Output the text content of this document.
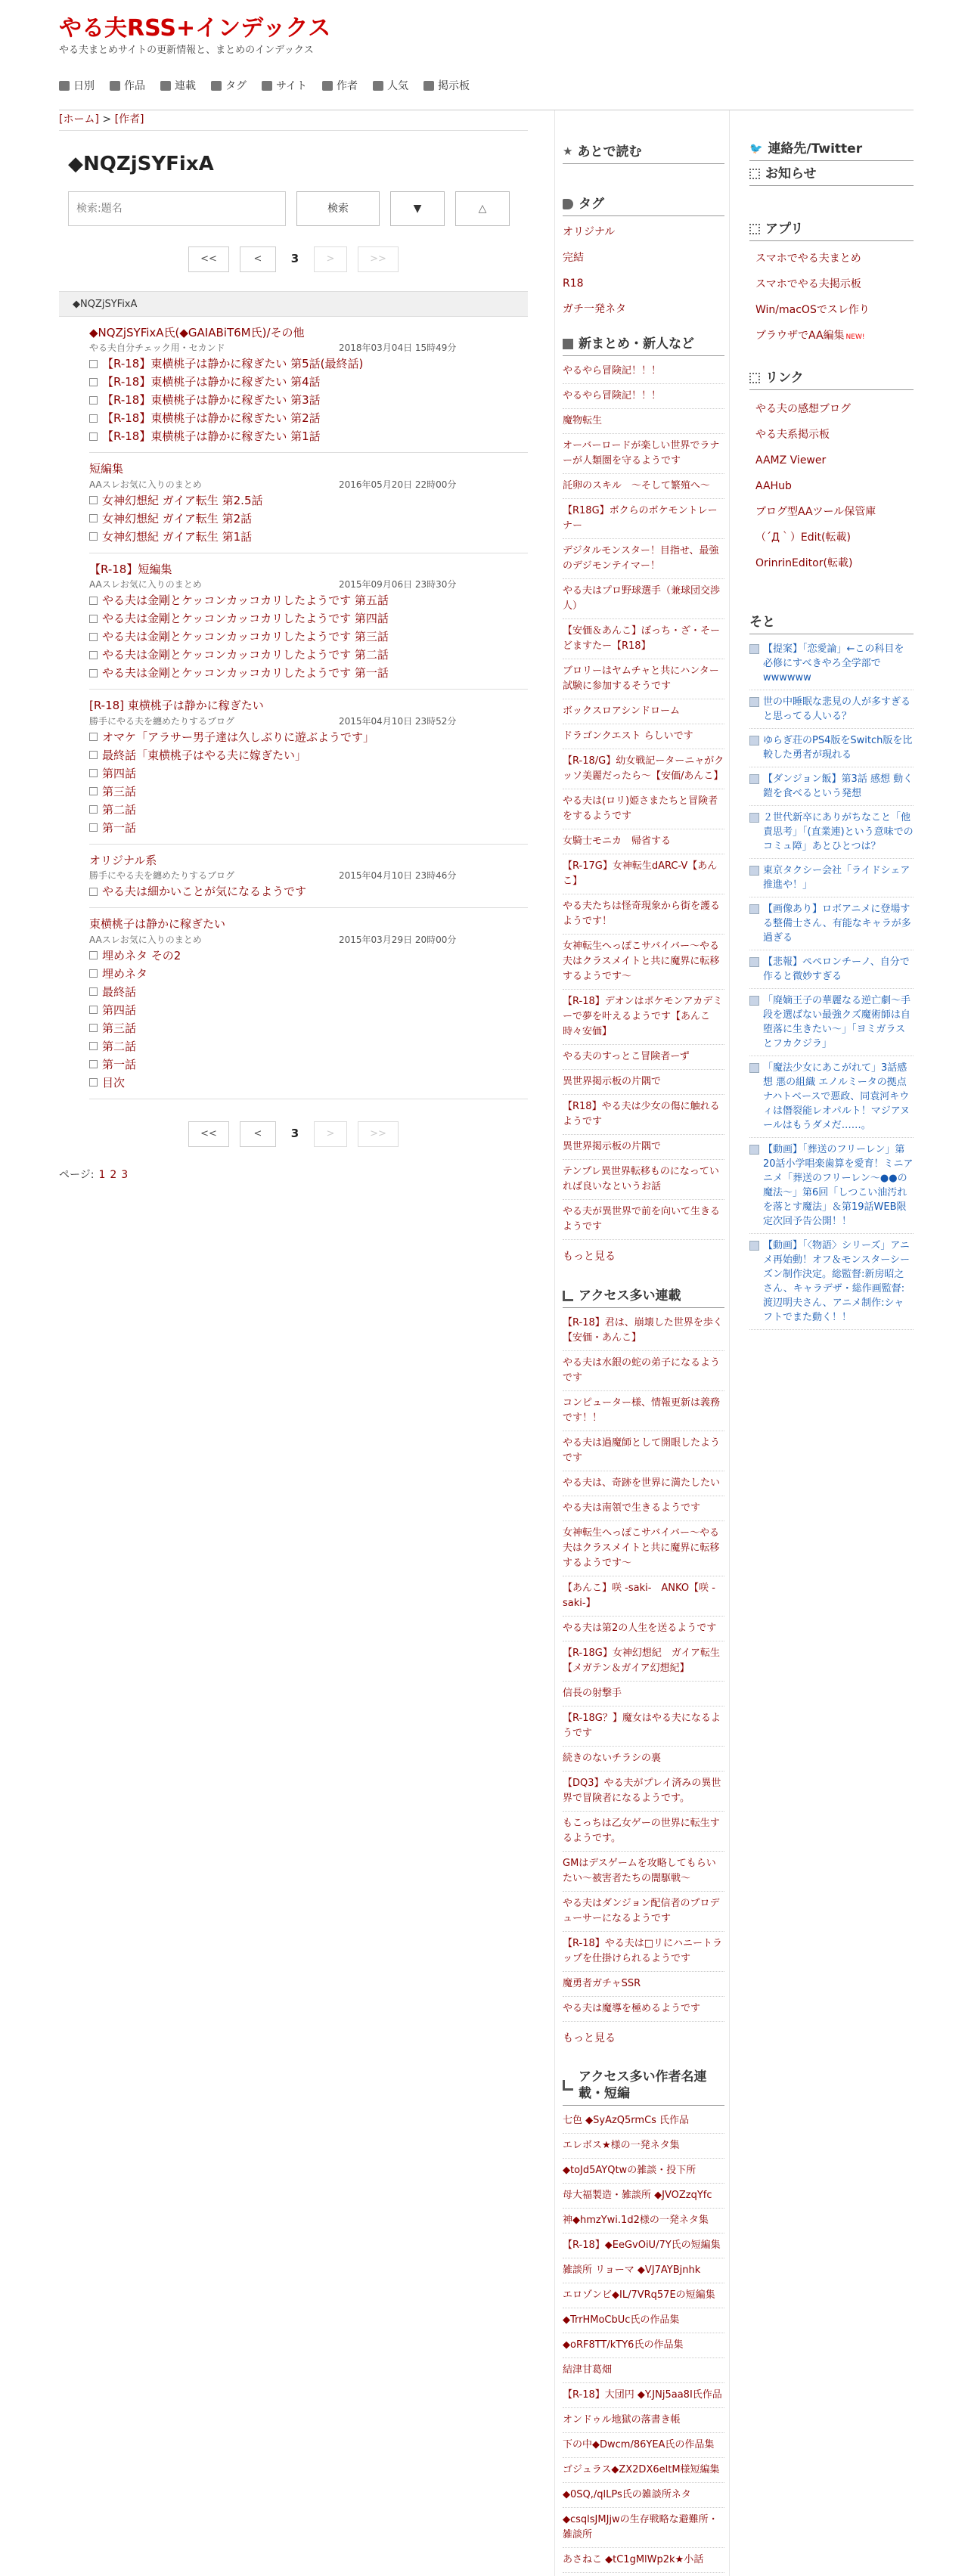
やる夫RSS+インデックス
やる夫まとめサイトの更新情報と、まとめのインデックス
日別	作品	連載	タグ	サイト	作者	人気	掲示板
[ホーム] > [作者]
◆NQZjSYFixA
検索:題名
検索	▼	△
<<	<	3	>	>>
◆NQZjSYFixA
◆NQZjSYFixA氏(◆GAIABiT6M氏)/その他
やる夫自分チェック用・セカンド	2018年03月04日 15時49分
【R-18】東横桃子は静かに稼ぎたい 第5話(最終話)
【R-18】東横桃子は静かに稼ぎたい 第4話
【R-18】東横桃子は静かに稼ぎたい 第3話
【R-18】東横桃子は静かに稼ぎたい 第2話
【R-18】東横桃子は静かに稼ぎたい 第1話
短編集
AAスレお気に入りのまとめ	2016年05月20日 22時00分
女神幻想紀 ガイア転生 第2.5話
女神幻想紀 ガイア転生 第2話
女神幻想紀 ガイア転生 第1話
【R-18】短編集
AAスレお気に入りのまとめ	2015年09月06日 23時30分
やる夫は金剛とケッコンカッコカリしたようです 第五話
やる夫は金剛とケッコンカッコカリしたようです 第四話
やる夫は金剛とケッコンカッコカリしたようです 第三話
やる夫は金剛とケッコンカッコカリしたようです 第二話
やる夫は金剛とケッコンカッコカリしたようです 第一話
[R-18] 東横桃子は静かに稼ぎたい
勝手にやる夫を纏めたりするブログ	2015年04月10日 23時52分
オマケ「アラサー男子達は久しぶりに遊ぶようです」
最終話「東横桃子はやる夫に嫁ぎたい」
第四話
第三話
第二話
第一話
オリジナル系
勝手にやる夫を纏めたりするブログ	2015年04月10日 23時46分
やる夫は細かいことが気になるようです
東横桃子は静かに稼ぎたい
AAスレお気に入りのまとめ	2015年03月29日 20時00分
埋めネタ その2
埋めネタ
最終話
第四話
第三話
第二話
第一話
目次
<<	<	3	>	>>
ページ: 1 2 3
★ あとで読む
タグ
オリジナル
完結
R18
ガチ一発ネタ
新まとめ・新人など
やるやら冒険記！！！
やるやら冒険記！！！
魔物転生
オーバーロードが楽しい世界でラナーが人類圏を守るようです
託卵のスキル　～そして繁殖へ～
【R18G】ボクらのボケモントレーナー
デジタルモンスター！目指せ、最強のデジモンテイマー！
やる夫はプロ野球選手（兼球団交渉人）
【安価＆あんこ】ぼっち・ざ・そーどますたー【R18】
ブロリーはヤムチャと共にハンター試験に参加するそうです
ボックスロアシンドローム
ドラゴンクエスト らしいです
【R-18/G】幼女戦記ーターニャがクッソ美麗だったら～【安価/あんこ】
やる夫は(ロリ)姫さまたちと冒険者をするようです
女騎士モニカ　帰省する
【R-17G】女神転生dARC-V【あんこ】
やる夫たちは怪奇現象から街を護るようです！
女神転生へっぽこサバイバー～やる夫はクラスメイトと共に魔界に転移するようです～
【R-18】デオンはポケモンアカデミーで夢を叶えるようです【あんこ時々安価】
やる夫のすっとこ冒険者ーず
異世界掲示板の片隅で
【R18】やる夫は少女の傷に触れるようです
異世界掲示板の片隅で
テンプレ異世界転移ものになっていれば良いなというお話
やる夫が異世界で前を向いて生きるようです
もっと見る
アクセス多い連載
【R-18】君は、崩壊した世界を歩く【安価・あんこ】
やる夫は水銀の蛇の弟子になるようです
コンピューター様、情報更新は義務です！！
やる夫は過魔師として開眼したようです
やる夫は、奇跡を世界に満たしたい
やる夫は南領で生きるようです
女神転生へっぽこサバイバー～やる夫はクラスメイトと共に魔界に転移するようです～
【あんこ】咲 -saki-　ANKO【咲 -saki-】
やる夫は第2の人生を送るようです
【R-18G】女神幻想紀　ガイア転生【メガテン＆ガイア幻想紀】
信長の射撃手
【R-18G？】魔女はやる夫になるようです
続きのないチラシの裏
【DQ3】やる夫がプレイ済みの異世界で冒険者になるようです。
もこっちは乙女ゲーの世界に転生するようです。
GMはデスゲームを攻略してもらいたい～被害者たちの闇駆戦～
やる夫はダンジョン配信者のプロデューサーになるようです
【R-18】やる夫は□リにハニートラップを仕掛けられるようです
魔勇者ガチャSSR
やる夫は魔導を極めるようです
もっと見る
アクセス多い作者名連載・短編
七色 ◆SyAzQ5rmCs 氏作品
エレボス★様の一発ネタ集
◆toJd5AYQtwの雑談・投下所
母大福製造・雑談所 ◆JVOZzqYfc
神◆hmzYwi.1d2様の一発ネタ集
【R-18】◆EeGvOiU/7Y氏の短編集
雑談所 リョーマ ◆VJ7AYBjnhk
エロゾンビ◆IL/7VRq57Eの短編集
◆TrrHMoCbUc氏の作品集
◆oRF8TT/kTY6氏の作品集
結津甘葛畑
【R-18】大団円 ◆Y.JNj5aa8I氏作品
オンドゥル地獄の落書き帳
下の中◆Dwcm/86YEA氏の作品集
ゴジュラス◆ZX2DX6eltM様短編集
◆0SQ,/qlLPs氏の雑談所ネタ
◆csqlsJMJjwの生存戦略な避難所・雑談所
あさねこ ◆tC1gMlWp2k★小話
🐦 連絡先/Twitter
お知らせ
アプリ
スマホでやる夫まとめ
スマホでやる夫掲示板
Win/macOSでスレ作り
ブラウザでAA編集 NEW!
リンク
やる夫の感想ブログ
やる夫系掲示板
AAMZ Viewer
AAHub
ブログ型AAツール保管庫
（´Д｀）Edit(転載)
OrinrinEditor(転載)
そと
【提案】「恋愛論」←この科目を必修にすべきやろ全学部でwwwwww
世の中睡眠な悲見の人が多すぎると思ってる人いる？
ゆらぎ荘のPS4版をSwitch版を比較した勇者が現れる
【ダンジョン飯】第3話 感想 動く鎧を食べるという発想
２世代新卒にありがちなこと「他責思考」「(直業連)という意味でのコミュ障」あとひとつは？
東京タクシー会社「ライドシェア推進や！」
【画像あり】ロボアニメに登場する整備士さん、有能なキャラが多過ぎる
【悲報】ペペロンチーノ、自分で作ると微妙すぎる
「廃嫡王子の華麗なる逆亡劇～手段を選ばない最強クズ魔術師は自堕落に生きたい～」「ヨミガラスとフカクジラ」
「魔法少女にあこがれて」3話感想 悪の組織 エノルミータの拠点ナハトベースで悪政、同袁河キウィは僭裂能レオパルト！マジアヌールはもうダメだ……。
【動画】「葬送のフリーレン」第20話小学唱楽歯算を愛育！ミニアニメ「葬送のフリーレン～●●の魔法～」第6回「しつこい油汚れを落とす魔法」＆第19話WEB限定次回予告公開！！
【動画】「〈物語〉シリーズ」アニメ再始動！オフ＆モンスターシーズン制作決定。総監督:新房昭之さん、キャラデザ・総作画監督:渡辺明夫さん、アニメ制作:シャフトでまた動く！！
